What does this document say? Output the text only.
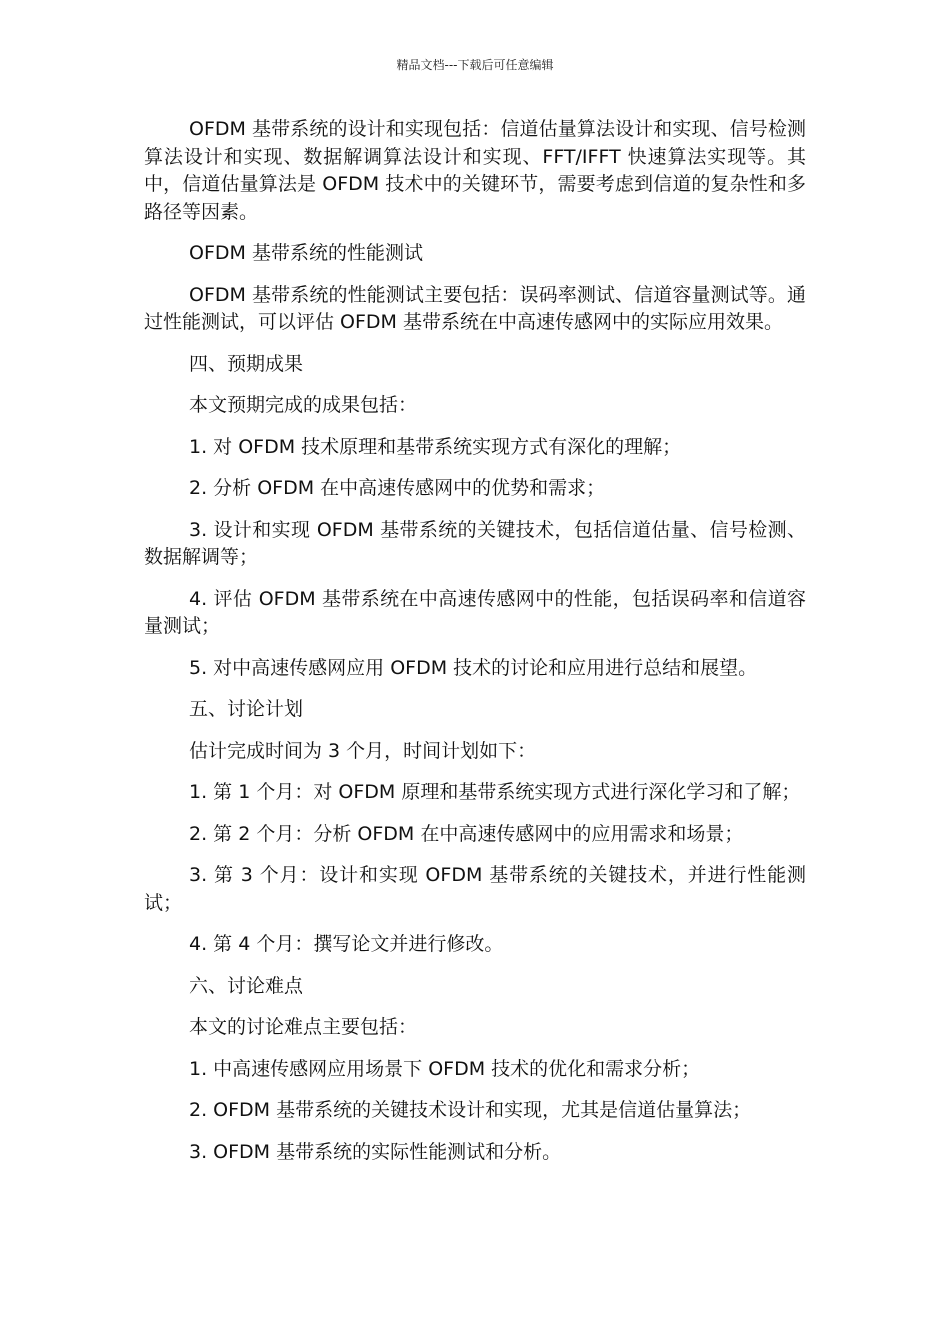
精品文档---下载后可任意编辑

OFDM 基带系统的设计和实现包括：信道估量算法设计和实现、信号检测算法设计和实现、数据解调算法设计和实现、FFT/IFFT 快速算法实现等。其中，信道估量算法是 OFDM 技术中的关键环节，需要考虑到信道的复杂性和多路径等因素。

OFDM 基带系统的性能测试

OFDM 基带系统的性能测试主要包括：误码率测试、信道容量测试等。通过性能测试，可以评估 OFDM 基带系统在中高速传感网中的实际应用效果。

四、预期成果

本文预期完成的成果包括：

1. 对 OFDM 技术原理和基带系统实现方式有深化的理解；

2. 分析 OFDM 在中高速传感网中的优势和需求；

3. 设计和实现 OFDM 基带系统的关键技术，包括信道估量、信号检测、数据解调等；

4. 评估 OFDM 基带系统在中高速传感网中的性能，包括误码率和信道容量测试；

5. 对中高速传感网应用 OFDM 技术的讨论和应用进行总结和展望。

五、讨论计划

估计完成时间为 3 个月，时间计划如下：

1. 第 1 个月：对 OFDM 原理和基带系统实现方式进行深化学习和了解；

2. 第 2 个月：分析 OFDM 在中高速传感网中的应用需求和场景；

3. 第 3 个月：设计和实现 OFDM 基带系统的关键技术，并进行性能测试；

4. 第 4 个月：撰写论文并进行修改。

六、讨论难点

本文的讨论难点主要包括：

1. 中高速传感网应用场景下 OFDM 技术的优化和需求分析；

2. OFDM 基带系统的关键技术设计和实现，尤其是信道估量算法；

3. OFDM 基带系统的实际性能测试和分析。
